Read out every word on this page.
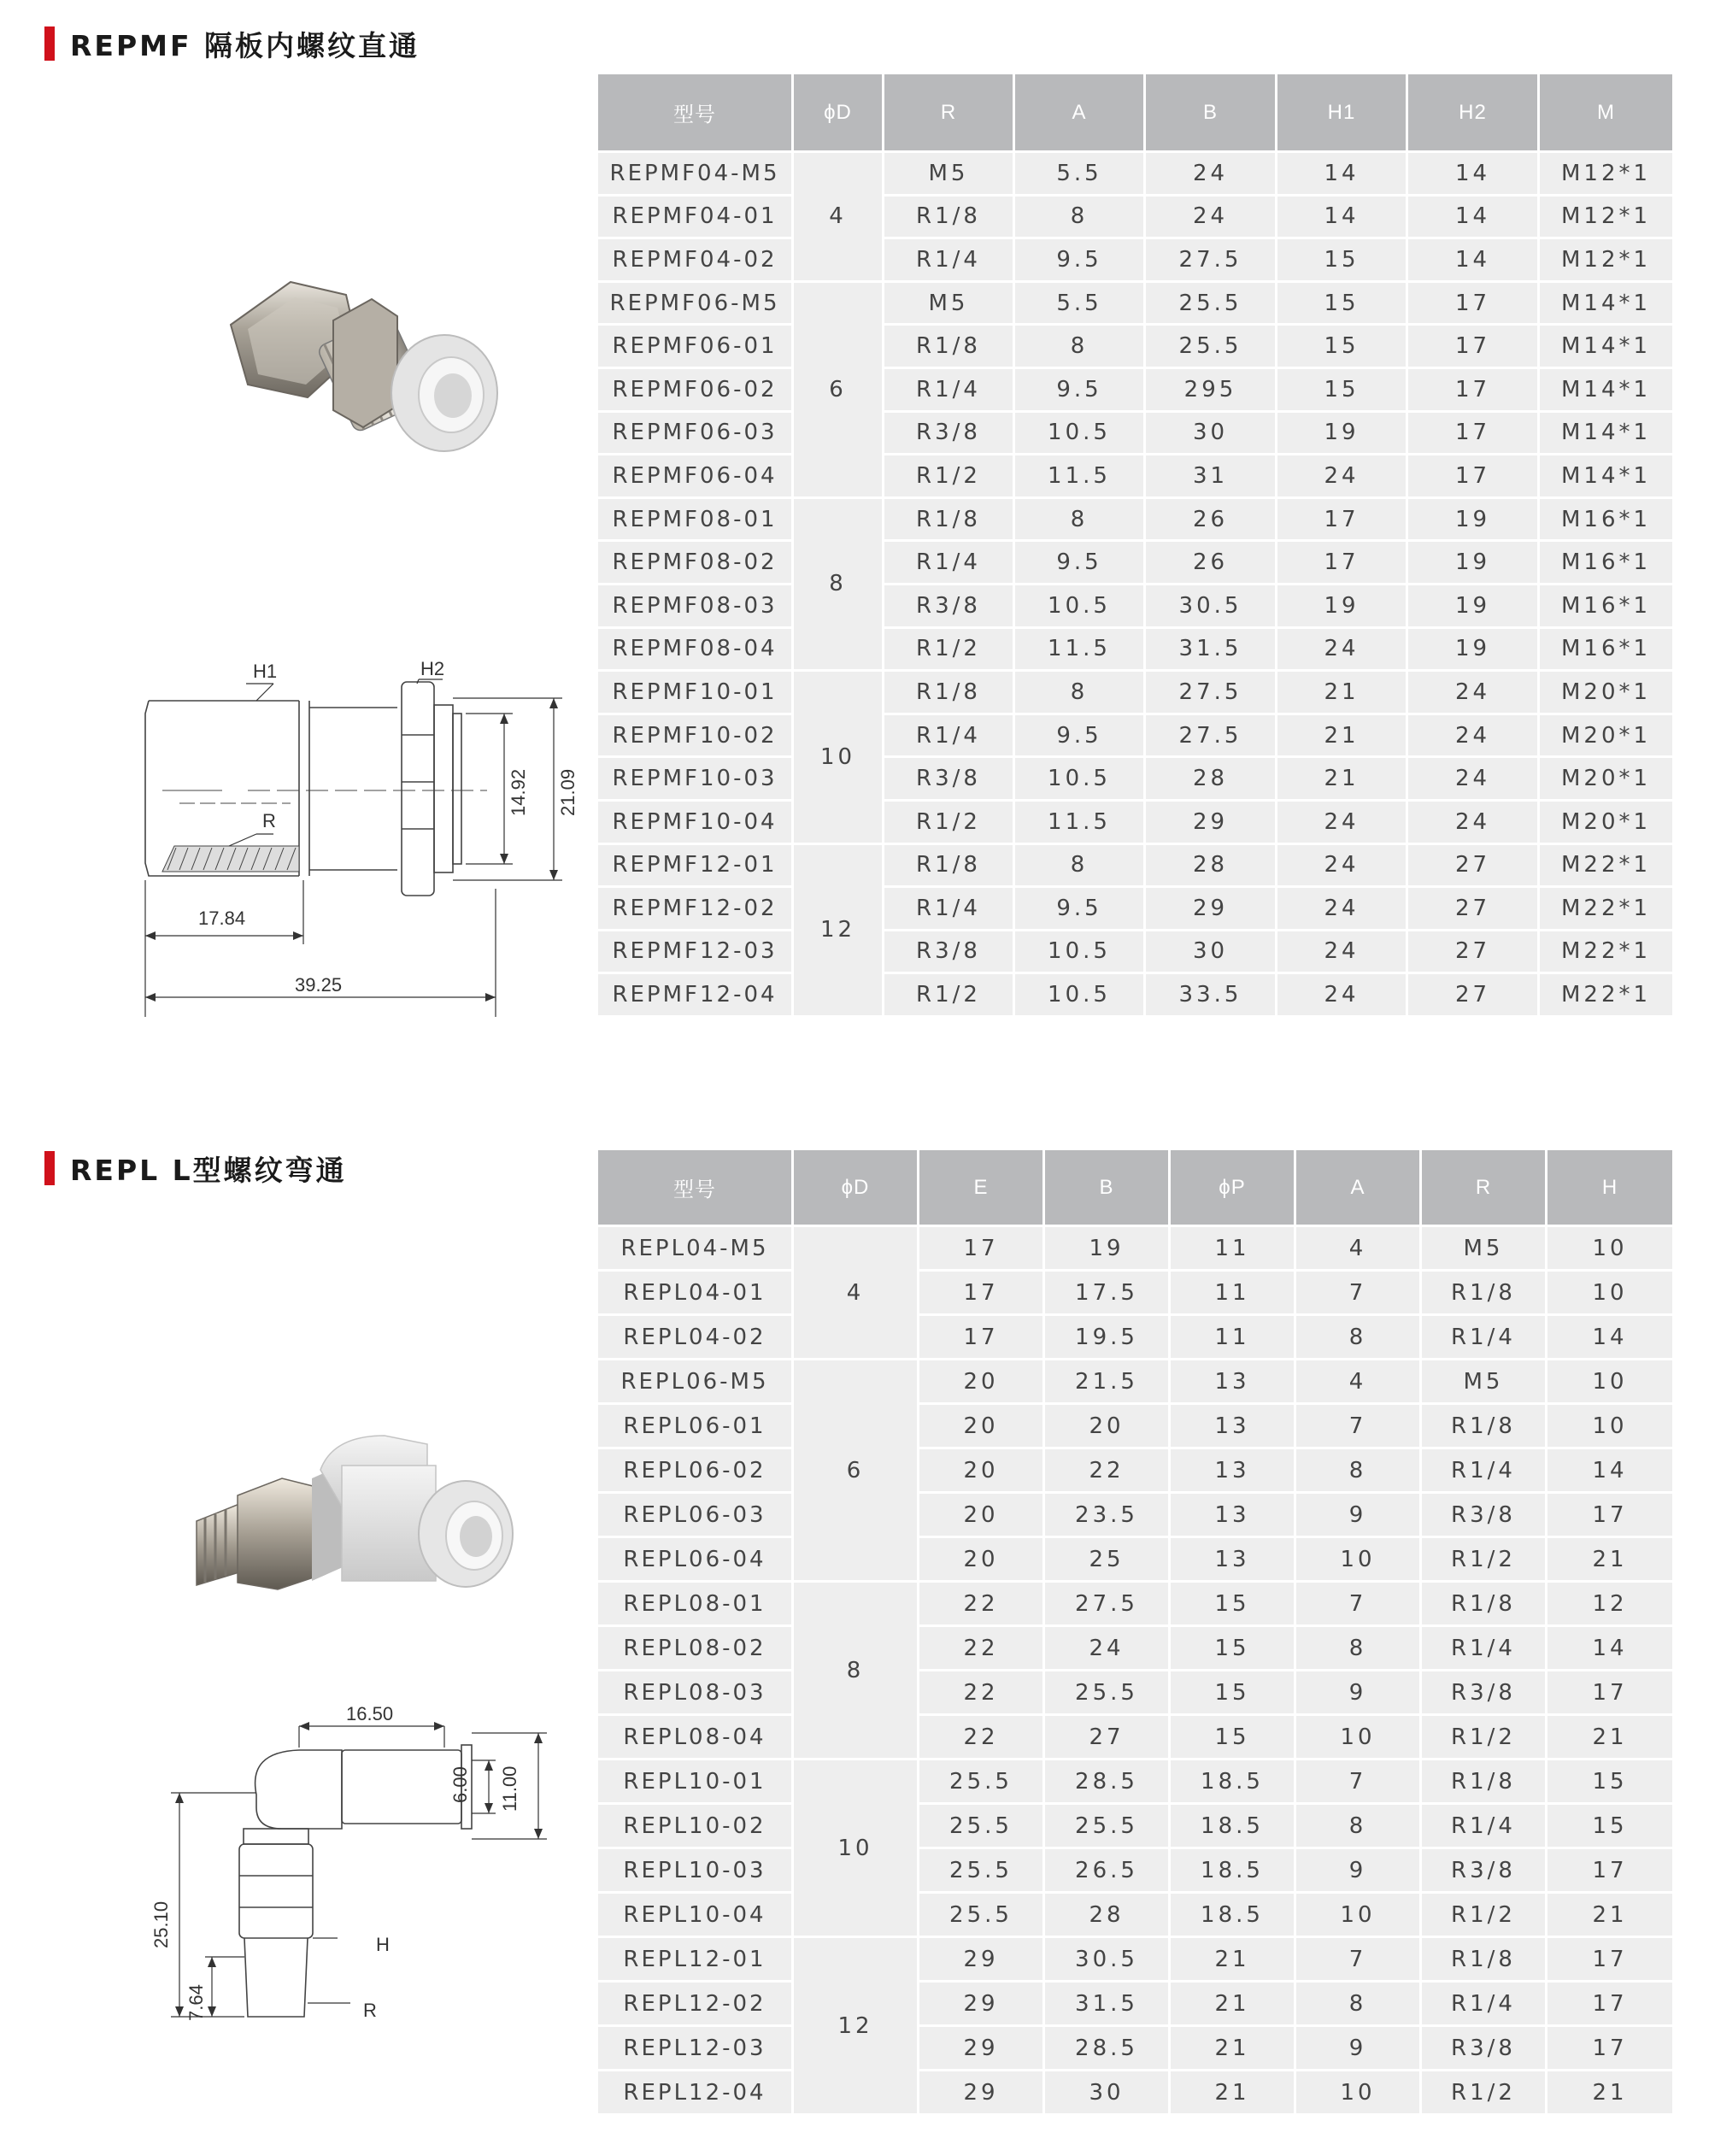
REPMF 隔板内螺纹直通
H1	H2
R
14.92 21.09
17.84
39.25
型号	ϕD	R	A	B	H1	H2	M
REPMF04-M5	4	M5	5.5	24	14	14	M12*1
REPMF04-01		R1/8	8	24	14	14	M12*1
REPMF04-02		R1/4	9.5	27.5	15	14	M12*1
REPMF06-M5	6	M5	5.5	25.5	15	17	M14*1
REPMF06-01		R1/8	8	25.5	15	17	M14*1
REPMF06-02		R1/4	9.5	295	15	17	M14*1
REPMF06-03		R3/8	10.5	30	19	17	M14*1
REPMF06-04		R1/2	11.5	31	24	17	M14*1
REPMF08-01	8	R1/8	8	26	17	19	M16*1
REPMF08-02		R1/4	9.5	26	17	19	M16*1
REPMF08-03		R3/8	10.5	30.5	19	19	M16*1
REPMF08-04		R1/2	11.5	31.5	24	19	M16*1
REPMF10-01	10	R1/8	8	27.5	21	24	M20*1
REPMF10-02		R1/4	9.5	27.5	21	24	M20*1
REPMF10-03		R3/8	10.5	28	21	24	M20*1
REPMF10-04		R1/2	11.5	29	24	24	M20*1
REPMF12-01	12	R1/8	8	28	24	27	M22*1
REPMF12-02		R1/4	9.5	29	24	27	M22*1
REPMF12-03		R3/8	10.5	30	24	27	M22*1
REPMF12-04		R1/2	10.5	33.5	24	27	M22*1
REPL L型螺纹弯通
16.50
6.00 11.00
25.10
7.64
H
R
型号	ϕD	E	B	ϕP	A	R	H
REPL04-M5	4	17	19	11	4	M5	10
REPL04-01		17	17.5	11	7	R1/8	10
REPL04-02		17	19.5	11	8	R1/4	14
REPL06-M5	6	20	21.5	13	4	M5	10
REPL06-01		20	20	13	7	R1/8	10
REPL06-02		20	22	13	8	R1/4	14
REPL06-03		20	23.5	13	9	R3/8	17
REPL06-04		20	25	13	10	R1/2	21
REPL08-01	8	22	27.5	15	7	R1/8	12
REPL08-02		22	24	15	8	R1/4	14
REPL08-03		22	25.5	15	9	R3/8	17
REPL08-04		22	27	15	10	R1/2	21
REPL10-01	10	25.5	28.5	18.5	7	R1/8	15
REPL10-02		25.5	25.5	18.5	8	R1/4	15
REPL10-03		25.5	26.5	18.5	9	R3/8	17
REPL10-04		25.5	28	18.5	10	R1/2	21
REPL12-01	12	29	30.5	21	7	R1/8	17
REPL12-02		29	31.5	21	8	R1/4	17
REPL12-03		29	28.5	21	9	R3/8	17
REPL12-04		29	30	21	10	R1/2	21
